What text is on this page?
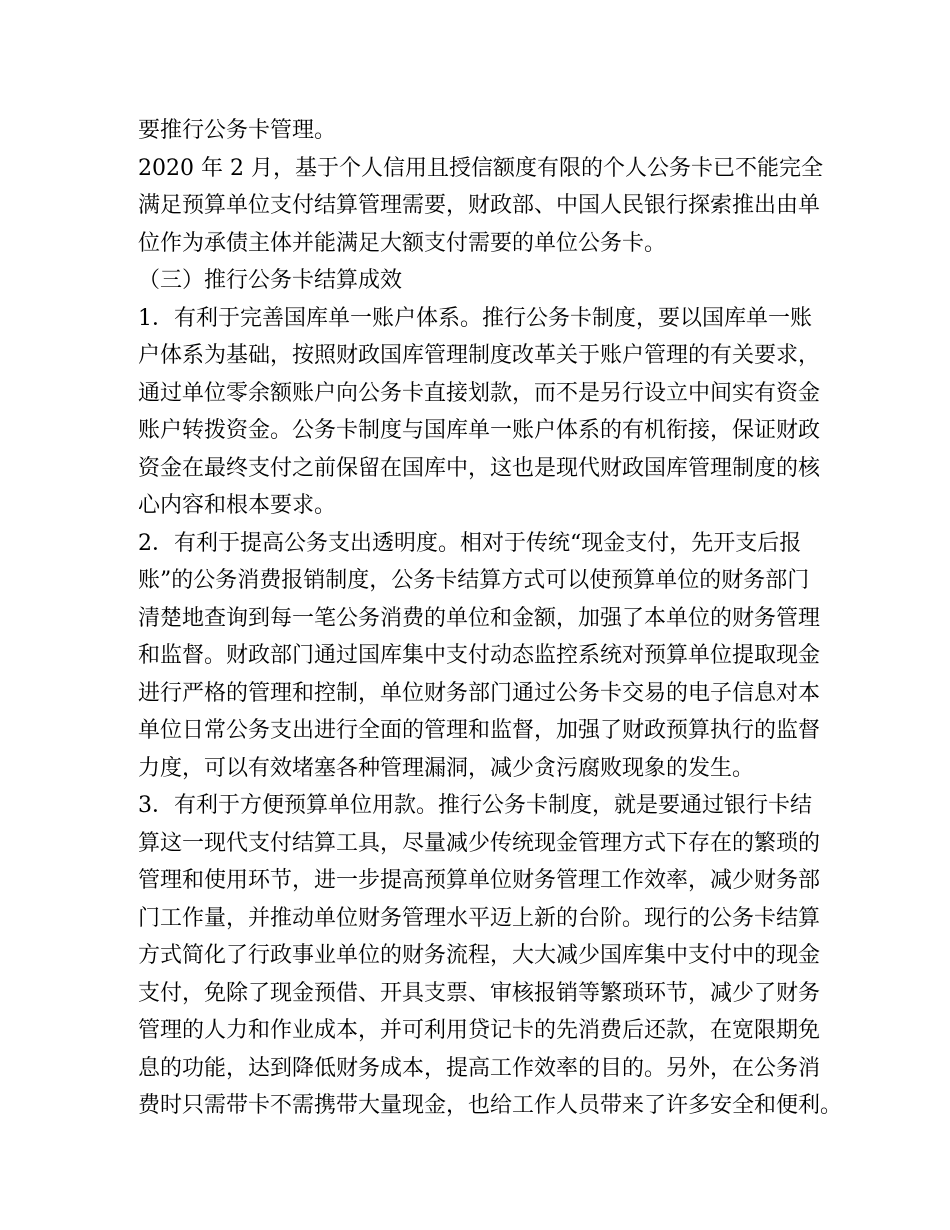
要推行公务卡管理。
2020 年 2 月，基于个人信用且授信额度有限的个人公务卡已不能完全
满足预算单位支付结算管理需要，财政部、中国人民银行探索推出由单
位作为承债主体并能满足大额支付需要的单位公务卡。
（三）推行公务卡结算成效
1．有利于完善国库单一账户体系。推行公务卡制度，要以国库单一账
户体系为基础，按照财政国库管理制度改革关于账户管理的有关要求，
通过单位零余额账户向公务卡直接划款，而不是另行设立中间实有资金
账户转拨资金。公务卡制度与国库单一账户体系的有机衔接，保证财政
资金在最终支付之前保留在国库中，这也是现代财政国库管理制度的核
心内容和根本要求。
2．有利于提高公务支出透明度。相对于传统“现金支付，先开支后报
账”的公务消费报销制度，公务卡结算方式可以使预算单位的财务部门
清楚地查询到每一笔公务消费的单位和金额，加强了本单位的财务管理
和监督。财政部门通过国库集中支付动态监控系统对预算单位提取现金
进行严格的管理和控制，单位财务部门通过公务卡交易的电子信息对本
单位日常公务支出进行全面的管理和监督，加强了财政预算执行的监督
力度，可以有效堵塞各种管理漏洞，减少贪污腐败现象的发生。
3．有利于方便预算单位用款。推行公务卡制度，就是要通过银行卡结
算这一现代支付结算工具，尽量减少传统现金管理方式下存在的繁琐的
管理和使用环节，进一步提高预算单位财务管理工作效率，减少财务部
门工作量，并推动单位财务管理水平迈上新的台阶。现行的公务卡结算
方式简化了行政事业单位的财务流程，大大减少国库集中支付中的现金
支付，免除了现金预借、开具支票、审核报销等繁琐环节，减少了财务
管理的人力和作业成本，并可利用贷记卡的先消费后还款，在宽限期免
息的功能，达到降低财务成本，提高工作效率的目的。另外，在公务消
费时只需带卡不需携带大量现金，也给工作人员带来了许多安全和便利。
